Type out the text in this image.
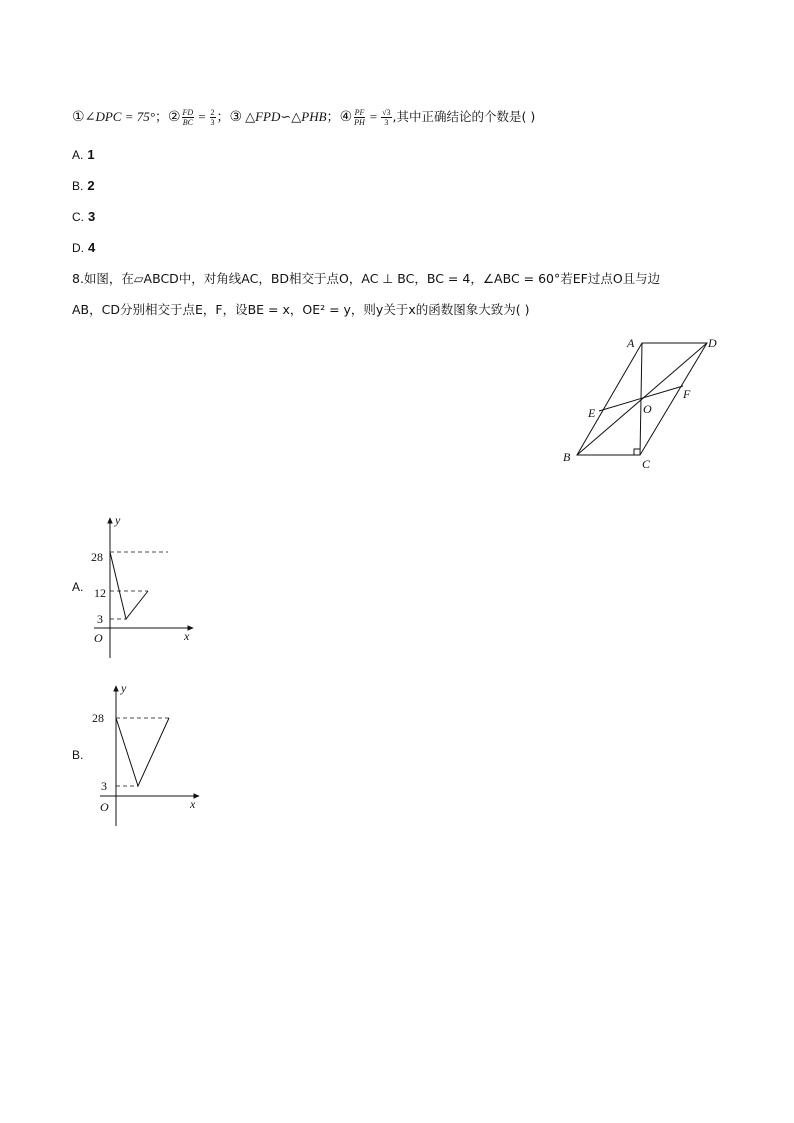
①∠DPC = 75°；② $\frac{FD}{BC} = \frac{2}{3}$ ；③ △FPD∽△PHB；④ $\frac{PF}{PH} = \frac{√3}{3}$ ,其中正确结论的个数是( )
A. 1
B. 2
C. 3
D. 4
8.如图，在▱ABCD中，对角线AC，BD相交于点O，AC ⊥ BC，BC = 4，∠ABC = 60°若EF过点O且与边
AB，CD分别相交于点E，F，设BE = x，OE² = y，则y关于x的函数图象大致为( )
A	D
B	C
E
F
O
A.
y
x
O
28
12
3
B.
y
x
O
28
3
